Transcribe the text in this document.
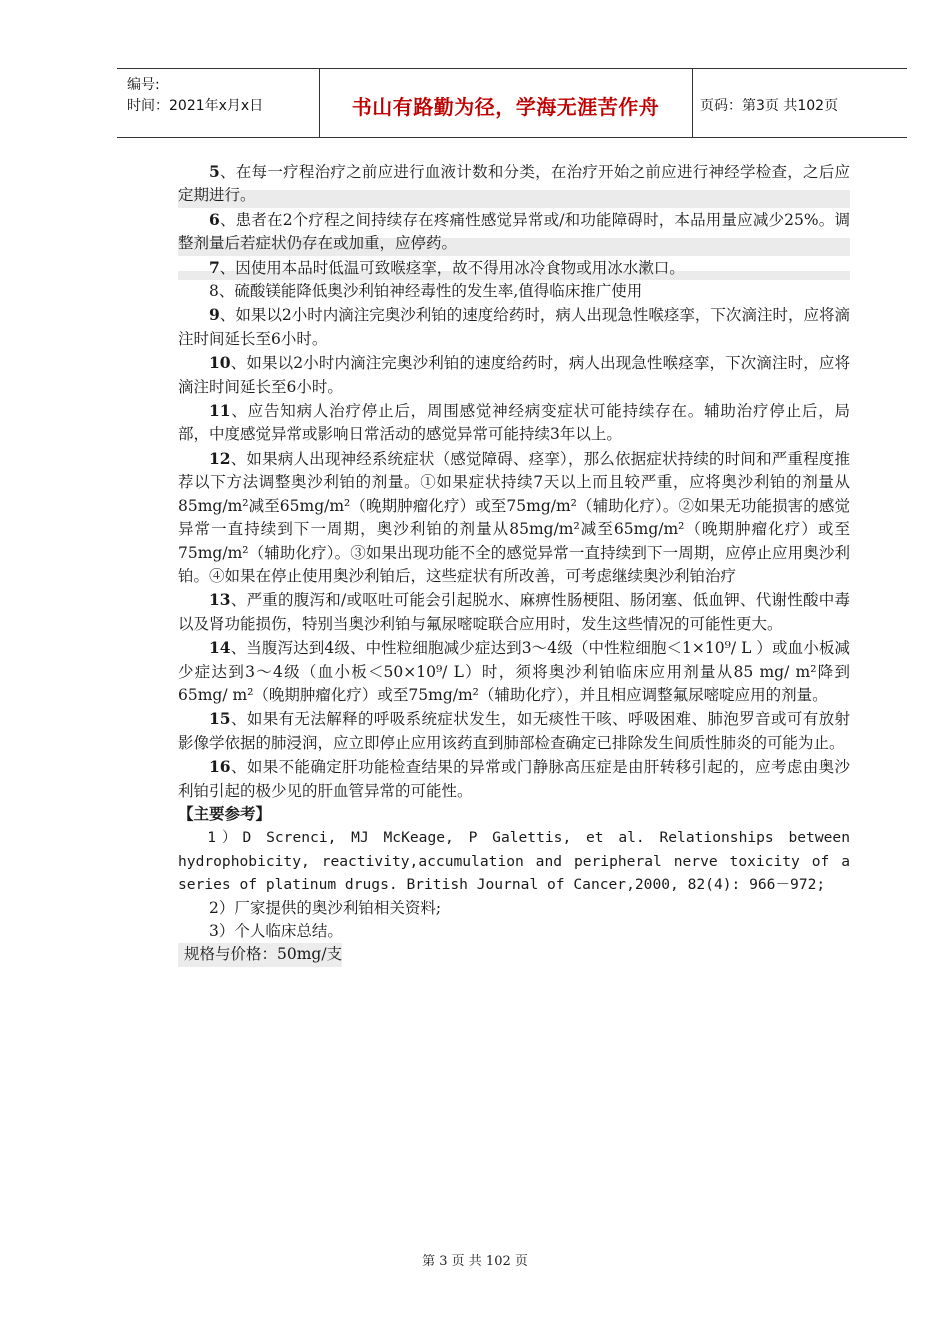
编号:
时间：2021年x月x日	书山有路勤为径，学海无涯苦作舟	页码：第3页 共102页

5、在每一疗程治疗之前应进行血液计数和分类，在治疗开始之前应进行神经学检查，之后应定期进行。

6、患者在2个疗程之间持续存在疼痛性感觉异常或/和功能障碍时，本品用量应减少25%。调整剂量后若症状仍存在或加重，应停药。

7、因使用本品时低温可致喉痉挛，故不得用冰冷食物或用冰水漱口。

8、硫酸镁能降低奥沙利铂神经毒性的发生率,值得临床推广使用

9、如果以2小时内滴注完奥沙利铂的速度给药时，病人出现急性喉痉挛，下次滴注时，应将滴注时间延长至6小时。

10、如果以2小时内滴注完奥沙利铂的速度给药时，病人出现急性喉痉挛，下次滴注时，应将滴注时间延长至6小时。

11、应告知病人治疗停止后，周围感觉神经病变症状可能持续存在。辅助治疗停止后，局部，中度感觉异常或影响日常活动的感觉异常可能持续3年以上。

12、如果病人出现神经系统症状（感觉障碍、痉挛），那么依据症状持续的时间和严重程度推荐以下方法调整奥沙利铂的剂量。①如果症状持续7天以上而且较严重，应将奥沙利铂的剂量从85mg/m²减至65mg/m²（晚期肿瘤化疗）或至75mg/m²（辅助化疗）。②如果无功能损害的感觉异常一直持续到下一周期，奥沙利铂的剂量从85mg/m²减至65mg/m²（晚期肿瘤化疗）或至75mg/m²（辅助化疗）。③如果出现功能不全的感觉异常一直持续到下一周期，应停止应用奥沙利铂。④如果在停止使用奥沙利铂后，这些症状有所改善，可考虑继续奥沙利铂治疗

13、严重的腹泻和/或呕吐可能会引起脱水、麻痹性肠梗阻、肠闭塞、低血钾、代谢性酸中毒以及肾功能损伤，特别当奥沙利铂与氟尿嘧啶联合应用时，发生这些情况的可能性更大。

14、当腹泻达到4级、中性粒细胞减少症达到3～4级（中性粒细胞＜1×10⁹/ L ）或血小板减少症达到3～4级（血小板＜50×10⁹/ L）时，须将奥沙利铂临床应用剂量从85 mg/ m²降到65mg/ m²（晚期肿瘤化疗）或至75mg/m²（辅助化疗），并且相应调整氟尿嘧啶应用的剂量。

15、如果有无法解释的呼吸系统症状发生，如无痰性干咳、呼吸困难、肺泡罗音或可有放射影像学依据的肺浸润，应立即停止应用该药直到肺部检查确定已排除发生间质性肺炎的可能为止。

16、如果不能确定肝功能检查结果的异常或门静脉高压症是由肝转移引起的，应考虑由奥沙利铂引起的极少见的肝血管异常的可能性。

【主要参考】

1）D Screnci, MJ McKeage, P Galettis, et al. Relationships between hydrophobicity, reactivity,accumulation and peripheral nerve toxicity of a series of platinum drugs. British Journal of Cancer,2000, 82(4): 966－972;

2）厂家提供的奥沙利铂相关资料;

3）个人临床总结。

规格与价格：50mg/支
第 3 页 共 102 页
